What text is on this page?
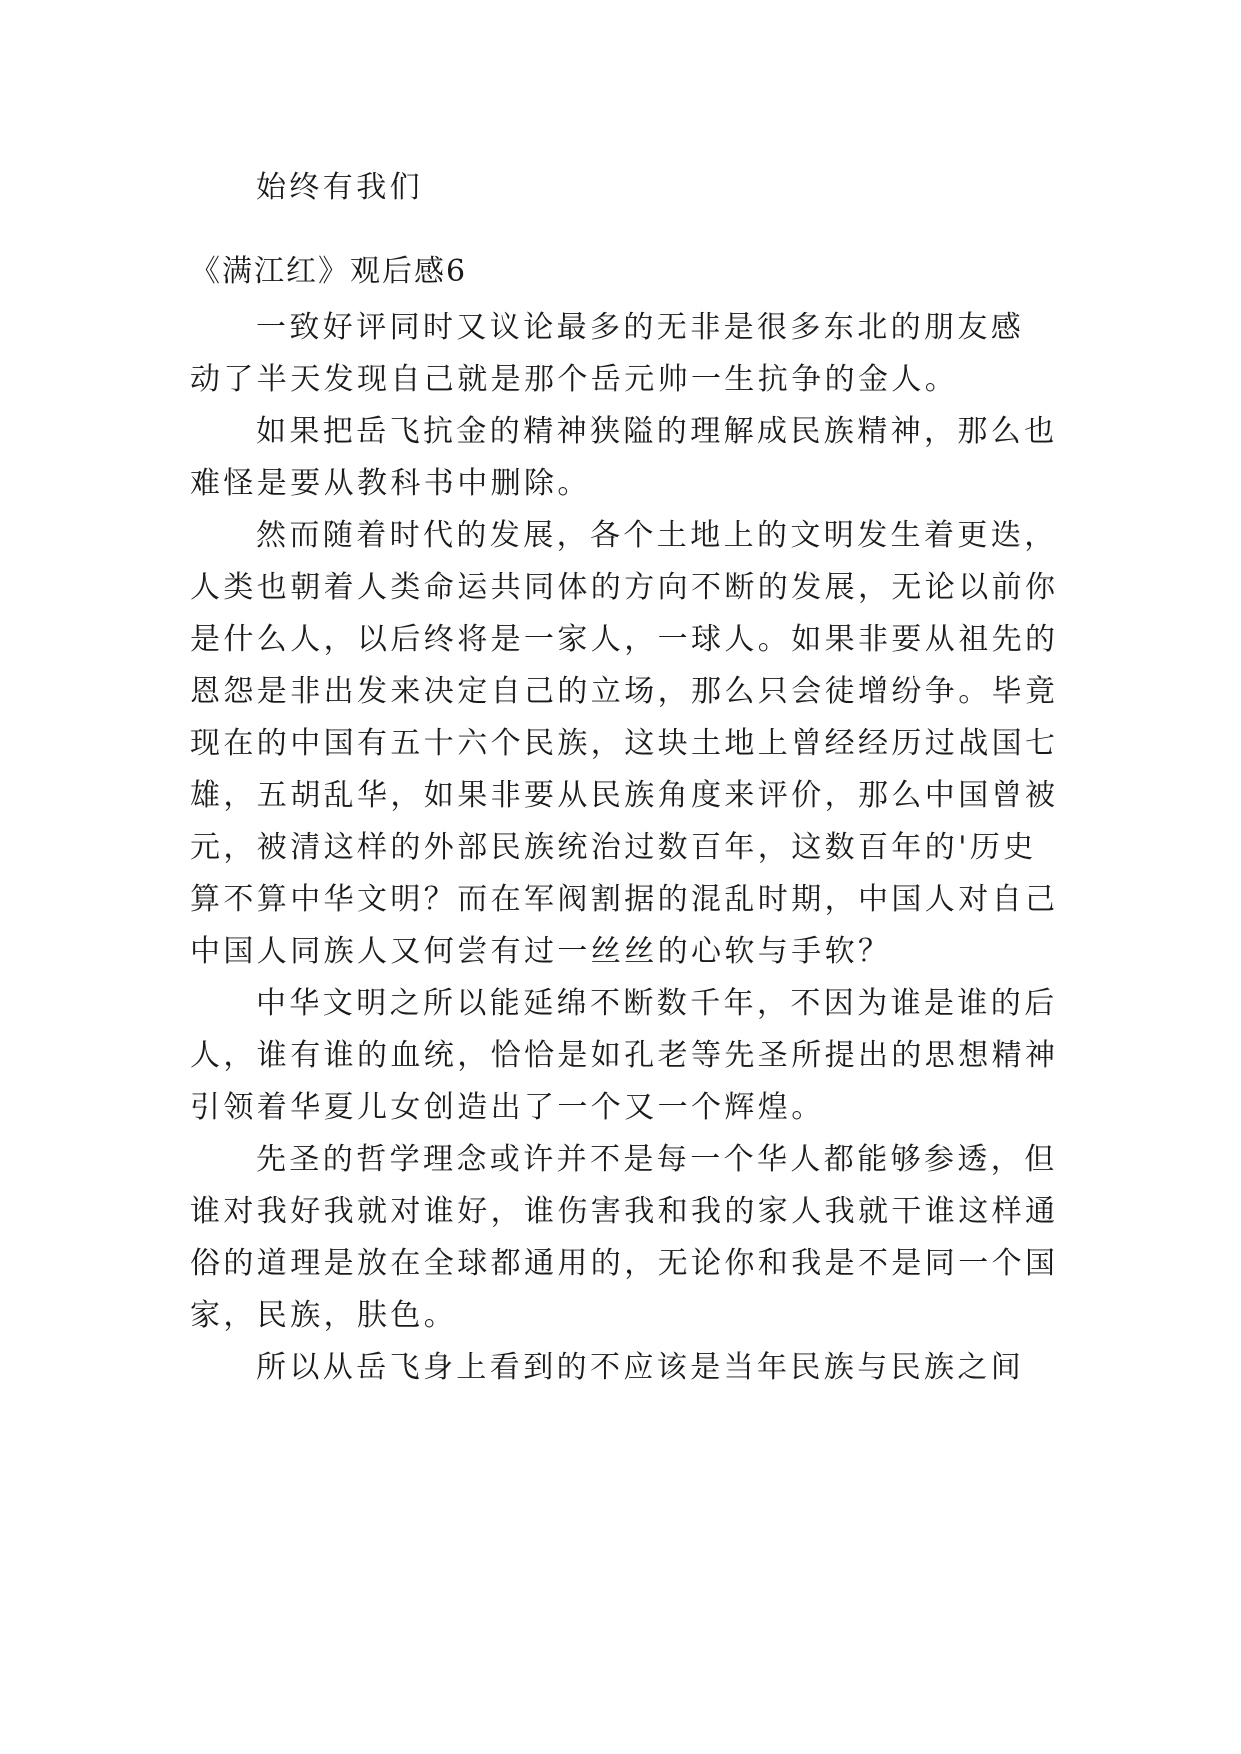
始终有我们
《满江红》观后感6
一致好评同时又议论最多的无非是很多东北的朋友感
动了半天发现自己就是那个岳元帅一生抗争的金人。
如果把岳飞抗金的精神狭隘的理解成民族精神，那么也
难怪是要从教科书中删除。
然而随着时代的发展，各个土地上的文明发生着更迭，
人类也朝着人类命运共同体的方向不断的发展，无论以前你
是什么人，以后终将是一家人，一球人。如果非要从祖先的
恩怨是非出发来决定自己的立场，那么只会徒增纷争。毕竟
现在的中国有五十六个民族，这块土地上曾经经历过战国七
雄，五胡乱华，如果非要从民族角度来评价，那么中国曾被
元，被清这样的外部民族统治过数百年，这数百年的'历史
算不算中华文明？而在军阀割据的混乱时期，中国人对自己
中国人同族人又何尝有过一丝丝的心软与手软？
中华文明之所以能延绵不断数千年，不因为谁是谁的后
人，谁有谁的血统，恰恰是如孔老等先圣所提出的思想精神
引领着华夏儿女创造出了一个又一个辉煌。
先圣的哲学理念或许并不是每一个华人都能够参透，但
谁对我好我就对谁好，谁伤害我和我的家人我就干谁这样通
俗的道理是放在全球都通用的，无论你和我是不是同一个国
家，民族，肤色。
所以从岳飞身上看到的不应该是当年民族与民族之间
